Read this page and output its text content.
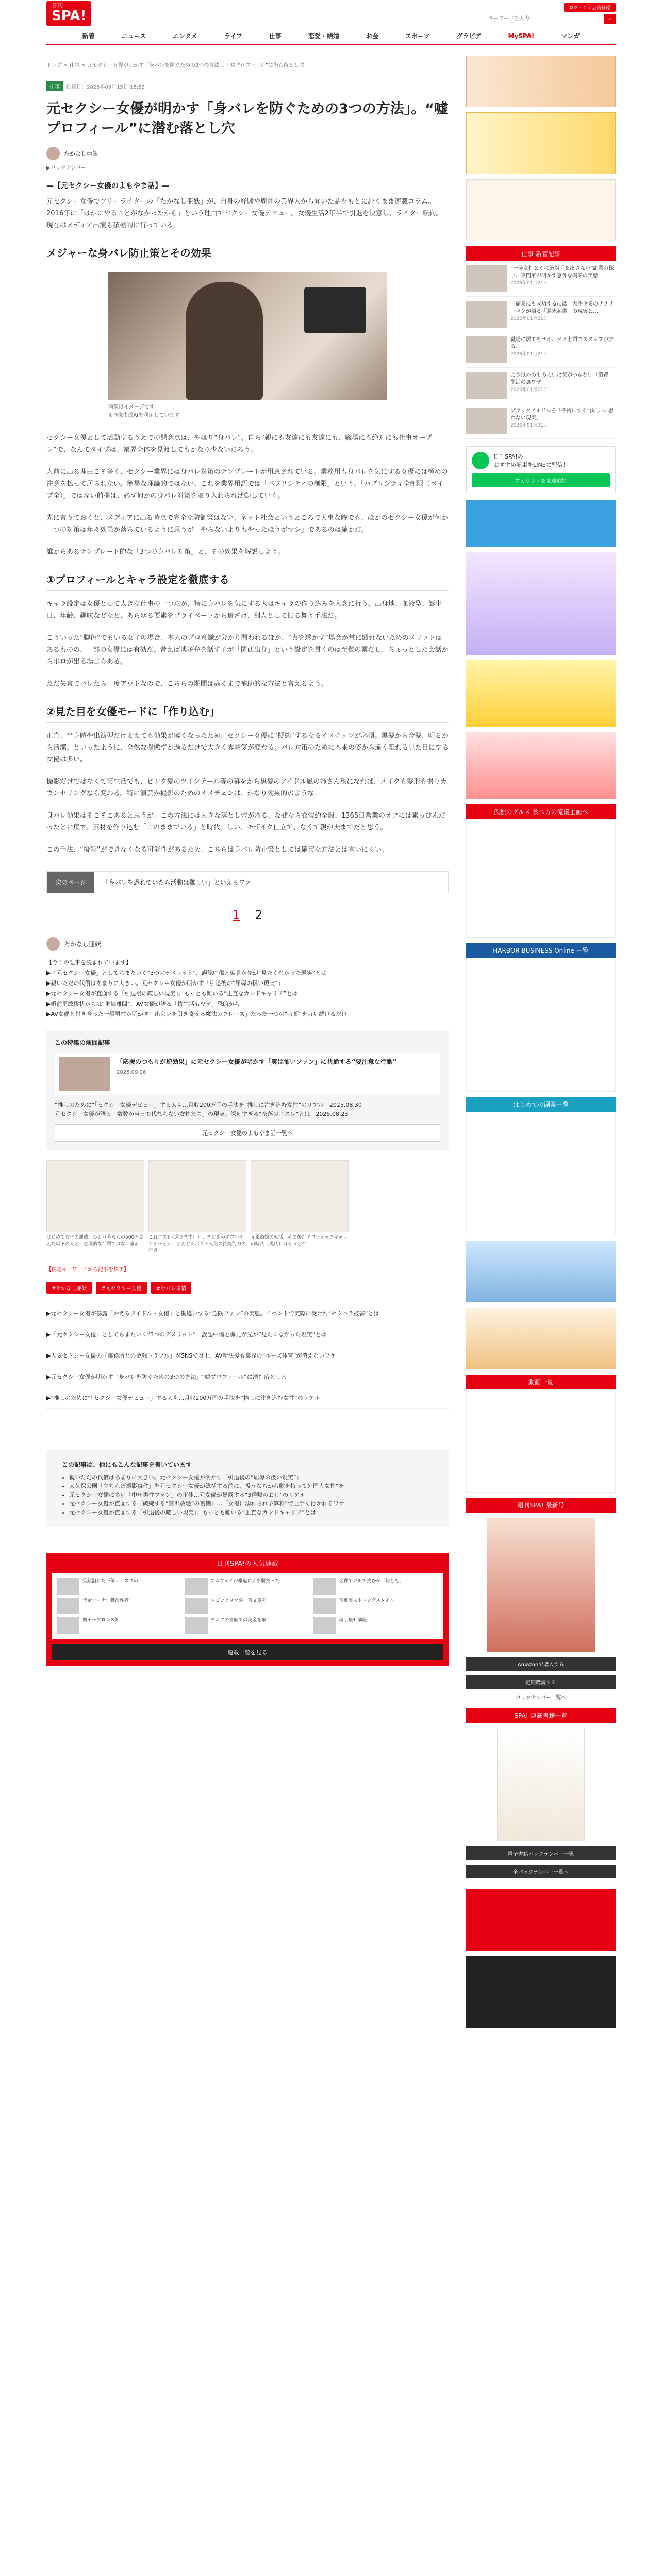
日刊
SPA!
ログイン / 会員登録
キーワードを入力
⌕
新着	ニュース	エンタメ	ライフ	仕事	恋愛・結婚	お金	スポーツ	グラビア	MySPA!	マンガ
トップ > 仕事 > 元セクシー女優が明かす「身バレを防ぐための3つの方法」。“嘘プロフィール”に潜む落とし穴
仕事	投稿日：2025年09月15日 15:53
元セクシー女優が明かす「身バレを防ぐための3つの方法」。“嘘プロフィール”に潜む落とし穴
たかなし亜妖
▶バックナンバー
—【元セクシー女優のよもやま話】—

元セクシー女優でフリーライターの「たかなし亜妖」が、自身の経験や周囲の業界人から聞いた話をもとに赴くまま連載コラム。2016年に「ほかにやることがなかったから」という理由でセクシー女優デビュー。女優生活2年半で引退を決意し、ライター転向。現在はメディア出演も積極的に行っている。

メジャーな身バレ防止策とその効果
画像はイメージです
※画像生成AIを利用しています

セクシー女優として活動するうえでの懸念点は、やはり“身バレ”。自ら“親にも友達にも友達にも、職場にも絶対にも仕事オープン”で、なんてタイプは、業界全体を見渡してもかなり少ないだろう。

人前に出る理由こそ多く、セクシー業界には身バレ対策のテンプレートが用意されている。業務用も身バレを気にする女優には極めの注意を払って居られない。簡易な理論的ではない。これを業界用語では「パブリシティの制限」という。「パブリシティ全制限（ペイブ全）」ではない前提は、必ず何かの身バレ対策を取り入れられ活動していく。

先に言うておくと、メディアに出る時点で完全な防御策はない。ネット社会というところで大事な時でも、ほかのセクシー女優が何か一つの対策は年々効果が落ちているように思うが「やらないよりもやったほうがマシ」であるのは確かだ。

誰からあるテンプレート的な「3つの身バレ対策」と、その効果を解説しよう。

①プロフィールとキャラ設定を徹底する

キャラ設定は女優として大きな仕事の一つだが、特に身バレを気にする人はキャラの作り込みを入念に行う。出身地、血液型、誕生日、年齢、趣味などなど、あらゆる要素をプライベートから遠ざけ、別人として振る舞う手法だ。

こういった“脚色”でもいる女子の場合、本人のプロ意識が分かり問われるほか、“真を透かす”場合が常に顕れないためのメリットはあるものの、一部の女優には有効だ。昔えば博多弁を話す子が「関西出身」という設定を貫くのは至難の業だし、ちょっとした会話からボロが出る場合もある。

ただ失言でバレたら一度アウトなので、こちらの期間は高くまで補助的な方法と言えるよう。

②見た目を女優モードに「作り込む」

正直、当身時や出演型だけ変えても効果が薄くなったため、セクシー女優に“擬態”するなるイメチェンが必須。黒髪から金髪、明るから清潔。といったように、全然な擬態ずが過るだけで大きく雰囲気が変わる。バレ対策のために本来の姿から遠く離れる見た目にする女優は多い。

撮影だけではなくて実生活でも、ピンク髪のツインテール等の幕をから黒髪のアイドル風の姉さん系になれば、メイクも髪形も撮りカウンセリングなら変わる。特に演芸か撮影のためのイメチェンは、かなり効果的のような。

身バレ効果はそこそこあると思うが、この方法には大きな落とし穴がある。なぜなら衣装約全般、1365日営業のオフには素っぴんだったとに戻す、素材を作り込む「このままでいる」と時代。しい、モザイク仕立て、なくて親が夫までだと思う。

この手法、“擬態”ができなくなる可能性があるため、こちらは身バレ防止策としては確実な方法とは言いにくい。

次のページ	「身バレを恐れていたら活動は難しい」といえるワケ
1 2
たかなし亜妖
【今この記事を読まれています】
▶「元セクシー女優」としてちまたいく“3つのデメリット”、誤認中傷と偏見が先が“見たくなかった現実”とは
▶親いただの代償はあまりに大きい。元セクシー女優が明かす「引退後の“屈辱の扱い現実”」
▶元セクシー女優が直面する「引退後の厳しい現実」。もっとも難いる“正直なカンドキャリア”とは
▶婚前勇敢惨状からは“単価離間”、AV女優が語る「惨生活もヤヤ」恐的から
▶AV女優と付き合った一般男性が明かす「出会いを引き寄せる魔法のフレーズ」たった一つの“言葉”を言い続けるだけ
この特集の前回記事
「応援のつもりが逆効果」に元セクシー女優が明かす「実は怖いファン」に共通する“要注意な行動”
2025.09.06
“推しのために”「セクシー女優デビュー」する人も…月収200万円の手法を“推しに注ぎ込む女性”のリアル　2025.08.30
元セクシー女優が語る「数数か当日で代ならない女性たち」の現実。深刻すぎる“奈落のエスレ”とは　2025.08.23
元セクシー女優のよもやま話一覧へ
はじめて女子の連載：ひとり暮らしの500円見えた以下の人と、心理的な活躍ではない家計
これコス?（送ります！）いまどきのダブルインナーとか、どんどんポスト人気の持続能力の行き
元風俗嬢の転活、その後？エロティックキャラの時代（現代）はもっとヤ
【関連キーワードから記事を探す】
#たかなし亜妖	#元セクシー女優	#身バレ事情
▶元セクシー女優が暴露「おえるアイドル・女優」と勘違いする“危険ファン”の実態。イベントで実際に受けた“セクハラ被害”とは
▶「元セクシー女優」としてちまたいく“3つのデメリット”、誤認中傷と偏見が先が“見たくなかった現実”とは
▶人気セクシー女優の「事務所との金銭トラブル」がSNSで炎上。AV新法後も業界の“ルーズ体質”が消えないワケ
▶元セクシー女優が明かす「身バレを防ぐための3つの方法」“嘘プロフィール”に潜む落とし穴
▶“推しのために”「セクシー女優デビュー」する人も…月収200万円の手法を“推しに注ぎ込む女性”のリアル
この記事は、他にもこんな記事を書いています
• 親いただの代償はあまりに大きい。元セクシー女優が明かす「引退後の“屈辱の扱い現実”」
• 大久保公園「立ちんぼ撮影事件」を元セクシー女優が総括する前に、扱うならから歌を持って外国人女性“を
• 元セクシー女優に多い「中年男性ファン」の正体…元女優が暴露する“3種類のおじ”のリアル
• 元セクシー女優が直面する「破綻する“贅沢放題”の裏側」…「女優に溺れられ予算料”で上手く行かれるワケ
• 元セクシー女優が直面する「引退後の厳しい現実」。もっとも難いる“正直なカンドキャリア”とは
日刊SPA!の人気連載
笑顔溢れた不倫——スマの	アムウェイが報道に大事勝だった	全裸でガチで挑むが「何とも」
年金コーナ：職活性者	すごいとヌマの一言文章を	言葉美人トロングスタイル
奥田来アロレス知	ヤングの書画での美金を取	美し痩せ講座
連載一覧を見る
仕事 新着記事
“一流女性とくに絶対手を出さない”副業の探り、専門家が明かす意外な副業の実態
2026年01月21日
「副業にも成功するには」大手企業のサラリーマンが語る「週末起業」の現実と…
2026年01月21日
職場に居てもサボ、ダメ上司でスタッフが語る…
2026年01月21日
お金以外のもの大いに気がつかない「消費」生活の裏ワザ
2026年01月21日
ブラックアイドルを「手術にする“決し”に思わない現実」
2026年01月21日
日刊SPA!の
おすすめ記事をLINEに配信！
アカウントを友達追加
孤独のグルメ 食べ方の流儀企画へ
HARBOR BUSINESS Online 一覧
はじめての副業一覧
動画一覧
週刊SPA! 最新号
Amazonで購入する
定期購読する
バックナンバー一覧へ
SPA! 連載書籍一覧
電子書籍バックナンバー一覧
全バックナンバー一覧へ
